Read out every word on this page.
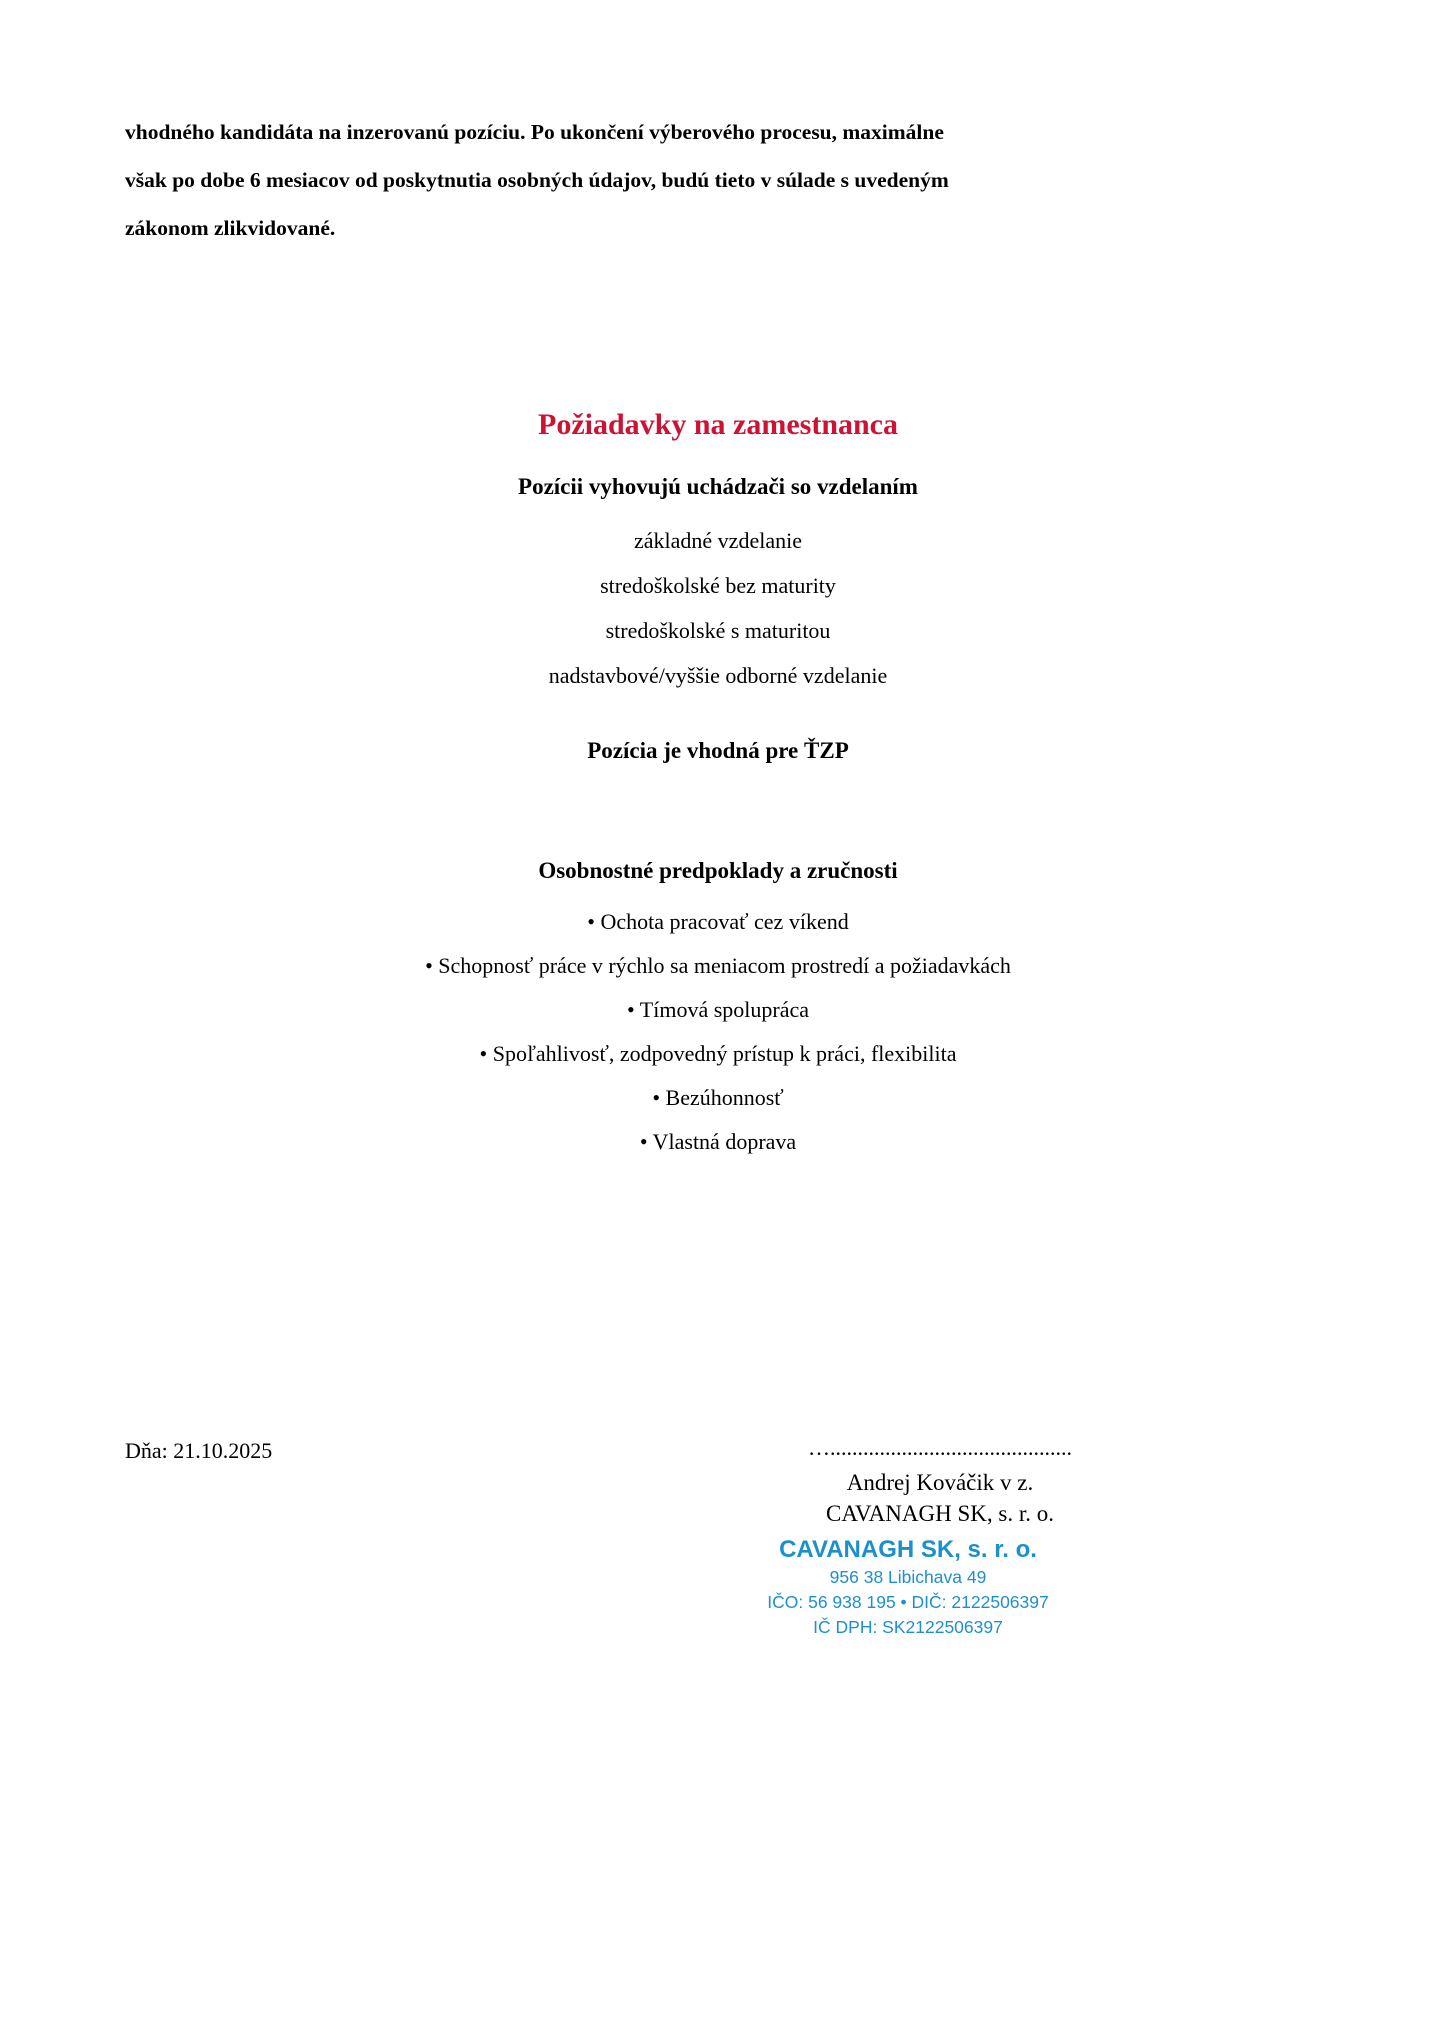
vhodného kandidáta na inzerovanú pozíciu. Po ukončení výberového procesu, maximálne
však po dobe 6 mesiacov od poskytnutia osobných údajov, budú tieto v súlade s uvedeným
zákonom zlikvidované.
Požiadavky na zamestnanca
Pozícii vyhovujú uchádzači so vzdelaním
základné vzdelanie
stredoškolské bez maturity
stredoškolské s maturitou
nadstavbové/vyššie odborné vzdelanie
Pozícia je vhodná pre ŤZP
Osobnostné predpoklady a zručnosti
• Ochota pracovať cez víkend
• Schopnosť práce v rýchlo sa meniacom prostredí a požiadavkách
• Tímová spolupráca
• Spoľahlivosť, zodpovedný prístup k práci, flexibilita
• Bezúhonnosť
• Vlastná doprava
Dňa: 21.10.2025	…............................................
Andrej Kováčik v z.
CAVANAGH SK, s. r. o.
CAVANAGH SK, s. r. o.
956 38 Libichava 49
IČO: 56 938 195 • DIČ: 2122506397
IČ DPH: SK2122506397
